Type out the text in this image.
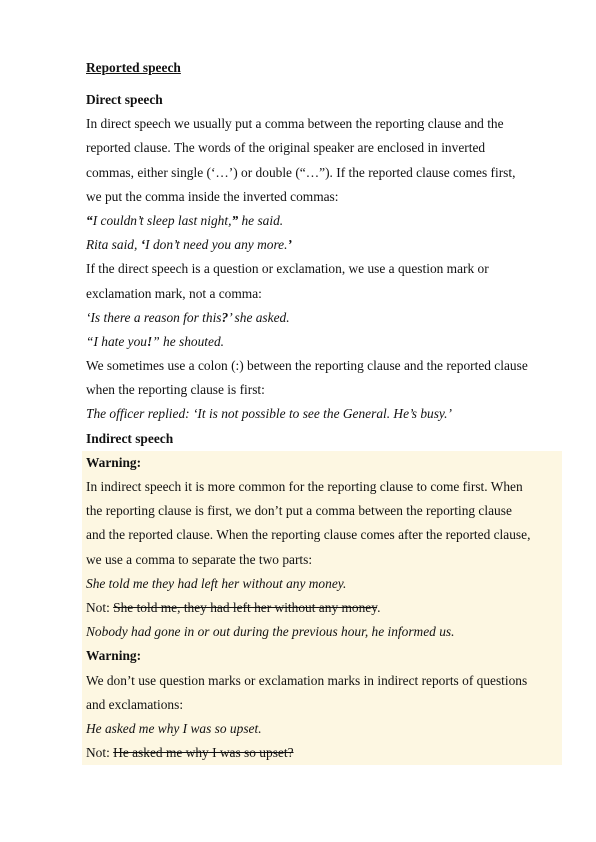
Reported speech
Direct speech
In direct speech we usually put a comma between the reporting clause and the
reported clause. The words of the original speaker are enclosed in inverted
commas, either single (‘…’) or double (“…”). If the reported clause comes first,
we put the comma inside the inverted commas:
“I couldn’t sleep last night,” he said.
Rita said, ‘I don’t need you any more.’
If the direct speech is a question or exclamation, we use a question mark or
exclamation mark, not a comma:
‘Is there a reason for this?’ she asked.
“I hate you!” he shouted.
We sometimes use a colon (:) between the reporting clause and the reported clause
when the reporting clause is first:
The officer replied: ‘It is not possible to see the General. He’s busy.’
Indirect speech
Warning:
In indirect speech it is more common for the reporting clause to come first. When
the reporting clause is first, we don’t put a comma between the reporting clause
and the reported clause. When the reporting clause comes after the reported clause,
we use a comma to separate the two parts:
She told me they had left her without any money.
Not: She told me, they had left her without any money.
Nobody had gone in or out during the previous hour, he informed us.
Warning:
We don’t use question marks or exclamation marks in indirect reports of questions
and exclamations:
He asked me why I was so upset.
Not: He asked me why I was so upset?
